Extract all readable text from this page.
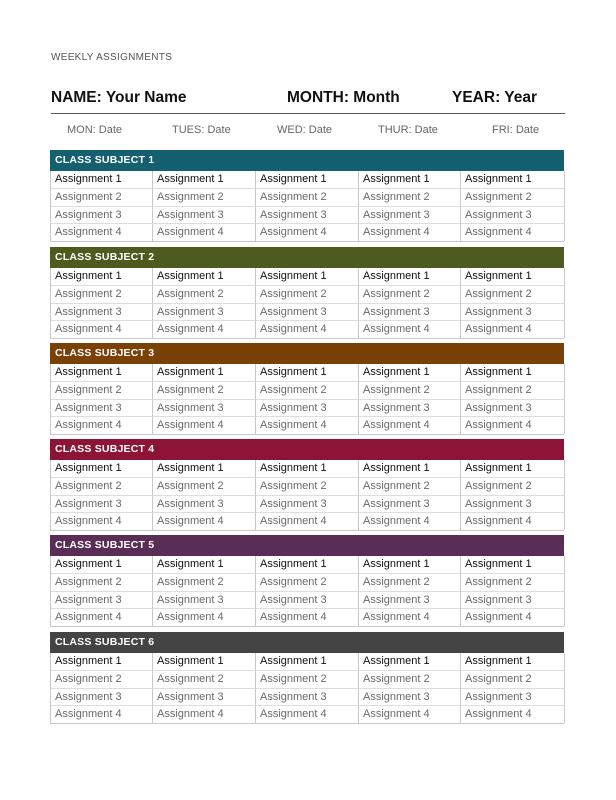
WEEKLY ASSIGNMENTS
NAME: Your Name	MONTH: Month	YEAR: Year
MON: Date	TUES: Date	WED: Date	THUR: Date	FRI: Date
CLASS SUBJECT 1
Assignment 1	Assignment 1	Assignment 1	Assignment 1	Assignment 1
Assignment 2	Assignment 2	Assignment 2	Assignment 2	Assignment 2
Assignment 3	Assignment 3	Assignment 3	Assignment 3	Assignment 3
Assignment 4	Assignment 4	Assignment 4	Assignment 4	Assignment 4
CLASS SUBJECT 2
Assignment 1	Assignment 1	Assignment 1	Assignment 1	Assignment 1
Assignment 2	Assignment 2	Assignment 2	Assignment 2	Assignment 2
Assignment 3	Assignment 3	Assignment 3	Assignment 3	Assignment 3
Assignment 4	Assignment 4	Assignment 4	Assignment 4	Assignment 4
CLASS SUBJECT 3
Assignment 1	Assignment 1	Assignment 1	Assignment 1	Assignment 1
Assignment 2	Assignment 2	Assignment 2	Assignment 2	Assignment 2
Assignment 3	Assignment 3	Assignment 3	Assignment 3	Assignment 3
Assignment 4	Assignment 4	Assignment 4	Assignment 4	Assignment 4
CLASS SUBJECT 4
Assignment 1	Assignment 1	Assignment 1	Assignment 1	Assignment 1
Assignment 2	Assignment 2	Assignment 2	Assignment 2	Assignment 2
Assignment 3	Assignment 3	Assignment 3	Assignment 3	Assignment 3
Assignment 4	Assignment 4	Assignment 4	Assignment 4	Assignment 4
CLASS SUBJECT 5
Assignment 1	Assignment 1	Assignment 1	Assignment 1	Assignment 1
Assignment 2	Assignment 2	Assignment 2	Assignment 2	Assignment 2
Assignment 3	Assignment 3	Assignment 3	Assignment 3	Assignment 3
Assignment 4	Assignment 4	Assignment 4	Assignment 4	Assignment 4
CLASS SUBJECT 6
Assignment 1	Assignment 1	Assignment 1	Assignment 1	Assignment 1
Assignment 2	Assignment 2	Assignment 2	Assignment 2	Assignment 2
Assignment 3	Assignment 3	Assignment 3	Assignment 3	Assignment 3
Assignment 4	Assignment 4	Assignment 4	Assignment 4	Assignment 4
